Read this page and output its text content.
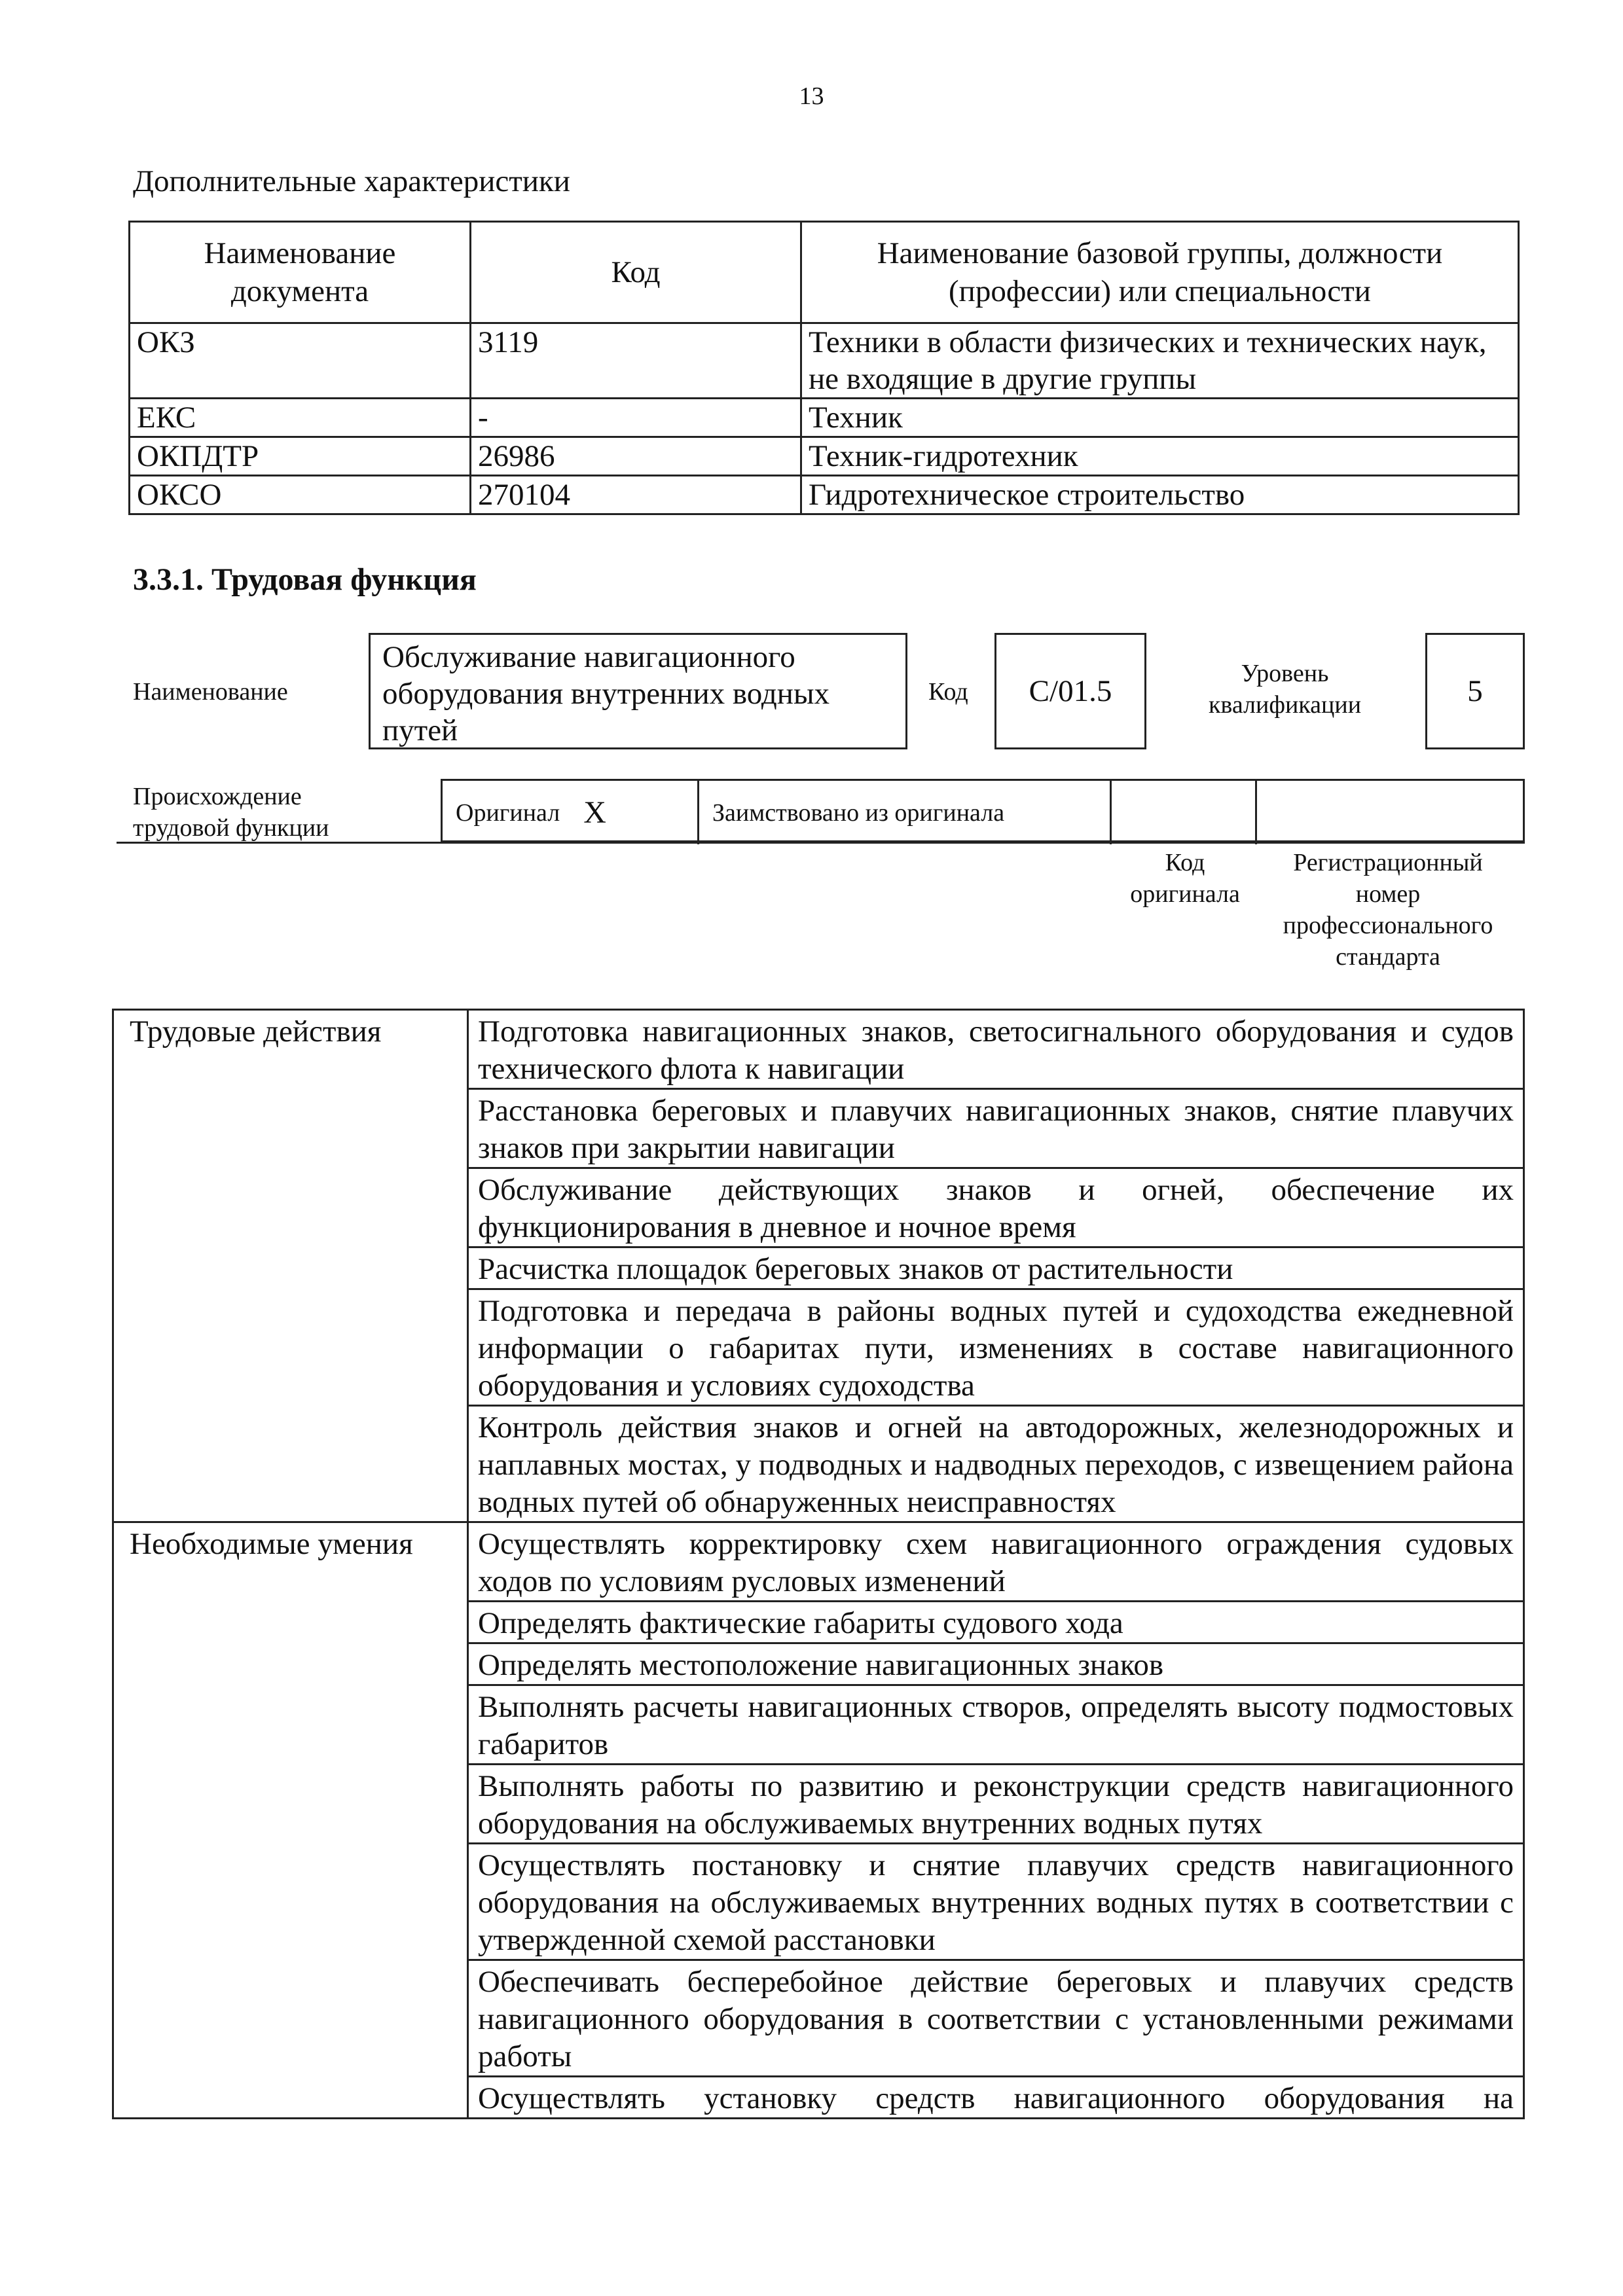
13
Дополнительные характеристики
Наименование документа	Код	Наименование базовой группы, должности (профессии) или специальности
ОКЗ	3119	Техники в области физических и технических наук, не входящие в другие группы
ЕКС	-	Техник
ОКПДТР	26986	Техник-гидротехник
ОКСО	270104	Гидротехническое строительство
3.3.1. Трудовая функция
Наименование
Обслуживание навигационного оборудования внутренних водных путей
Код C/01.5
Уровень квалификации	5
Происхождение трудовой функции
Оригинал X	Заимствовано из оригинала
Код оригинала
Регистрационный номер профессионального стандарта
Трудовые действия	Подготовка навигационных знаков, светосигнального оборудования и судов технического флота к навигации
	Расстановка береговых и плавучих навигационных знаков, снятие плавучих знаков при закрытии навигации
	Обслуживание действующих знаков и огней, обеспечение их функционирования в дневное и ночное время
	Расчистка площадок береговых знаков от растительности
	Подготовка и передача в районы водных путей и судоходства ежедневной информации о габаритах пути, изменениях в составе навигационного оборудования и условиях судоходства
	Контроль действия знаков и огней на автодорожных, железнодорожных и наплавных мостах, у подводных и надводных переходов, с извещением района водных путей об обнаруженных неисправностях
Необходимые умения	Осуществлять корректировку схем навигационного ограждения судовых ходов по условиям русловых изменений
	Определять фактические габариты судового хода
	Определять местоположение навигационных знаков
	Выполнять расчеты навигационных створов, определять высоту подмостовых габаритов
	Выполнять работы по развитию и реконструкции средств навигационного оборудования на обслуживаемых внутренних водных путях
	Осуществлять постановку и снятие плавучих средств навигационного оборудования на обслуживаемых внутренних водных путях в соответствии с утвержденной схемой расстановки
	Обеспечивать бесперебойное действие береговых и плавучих средств навигационного оборудования в соответствии с установленными режимами работы
	Осуществлять установку средств навигационного оборудования на
